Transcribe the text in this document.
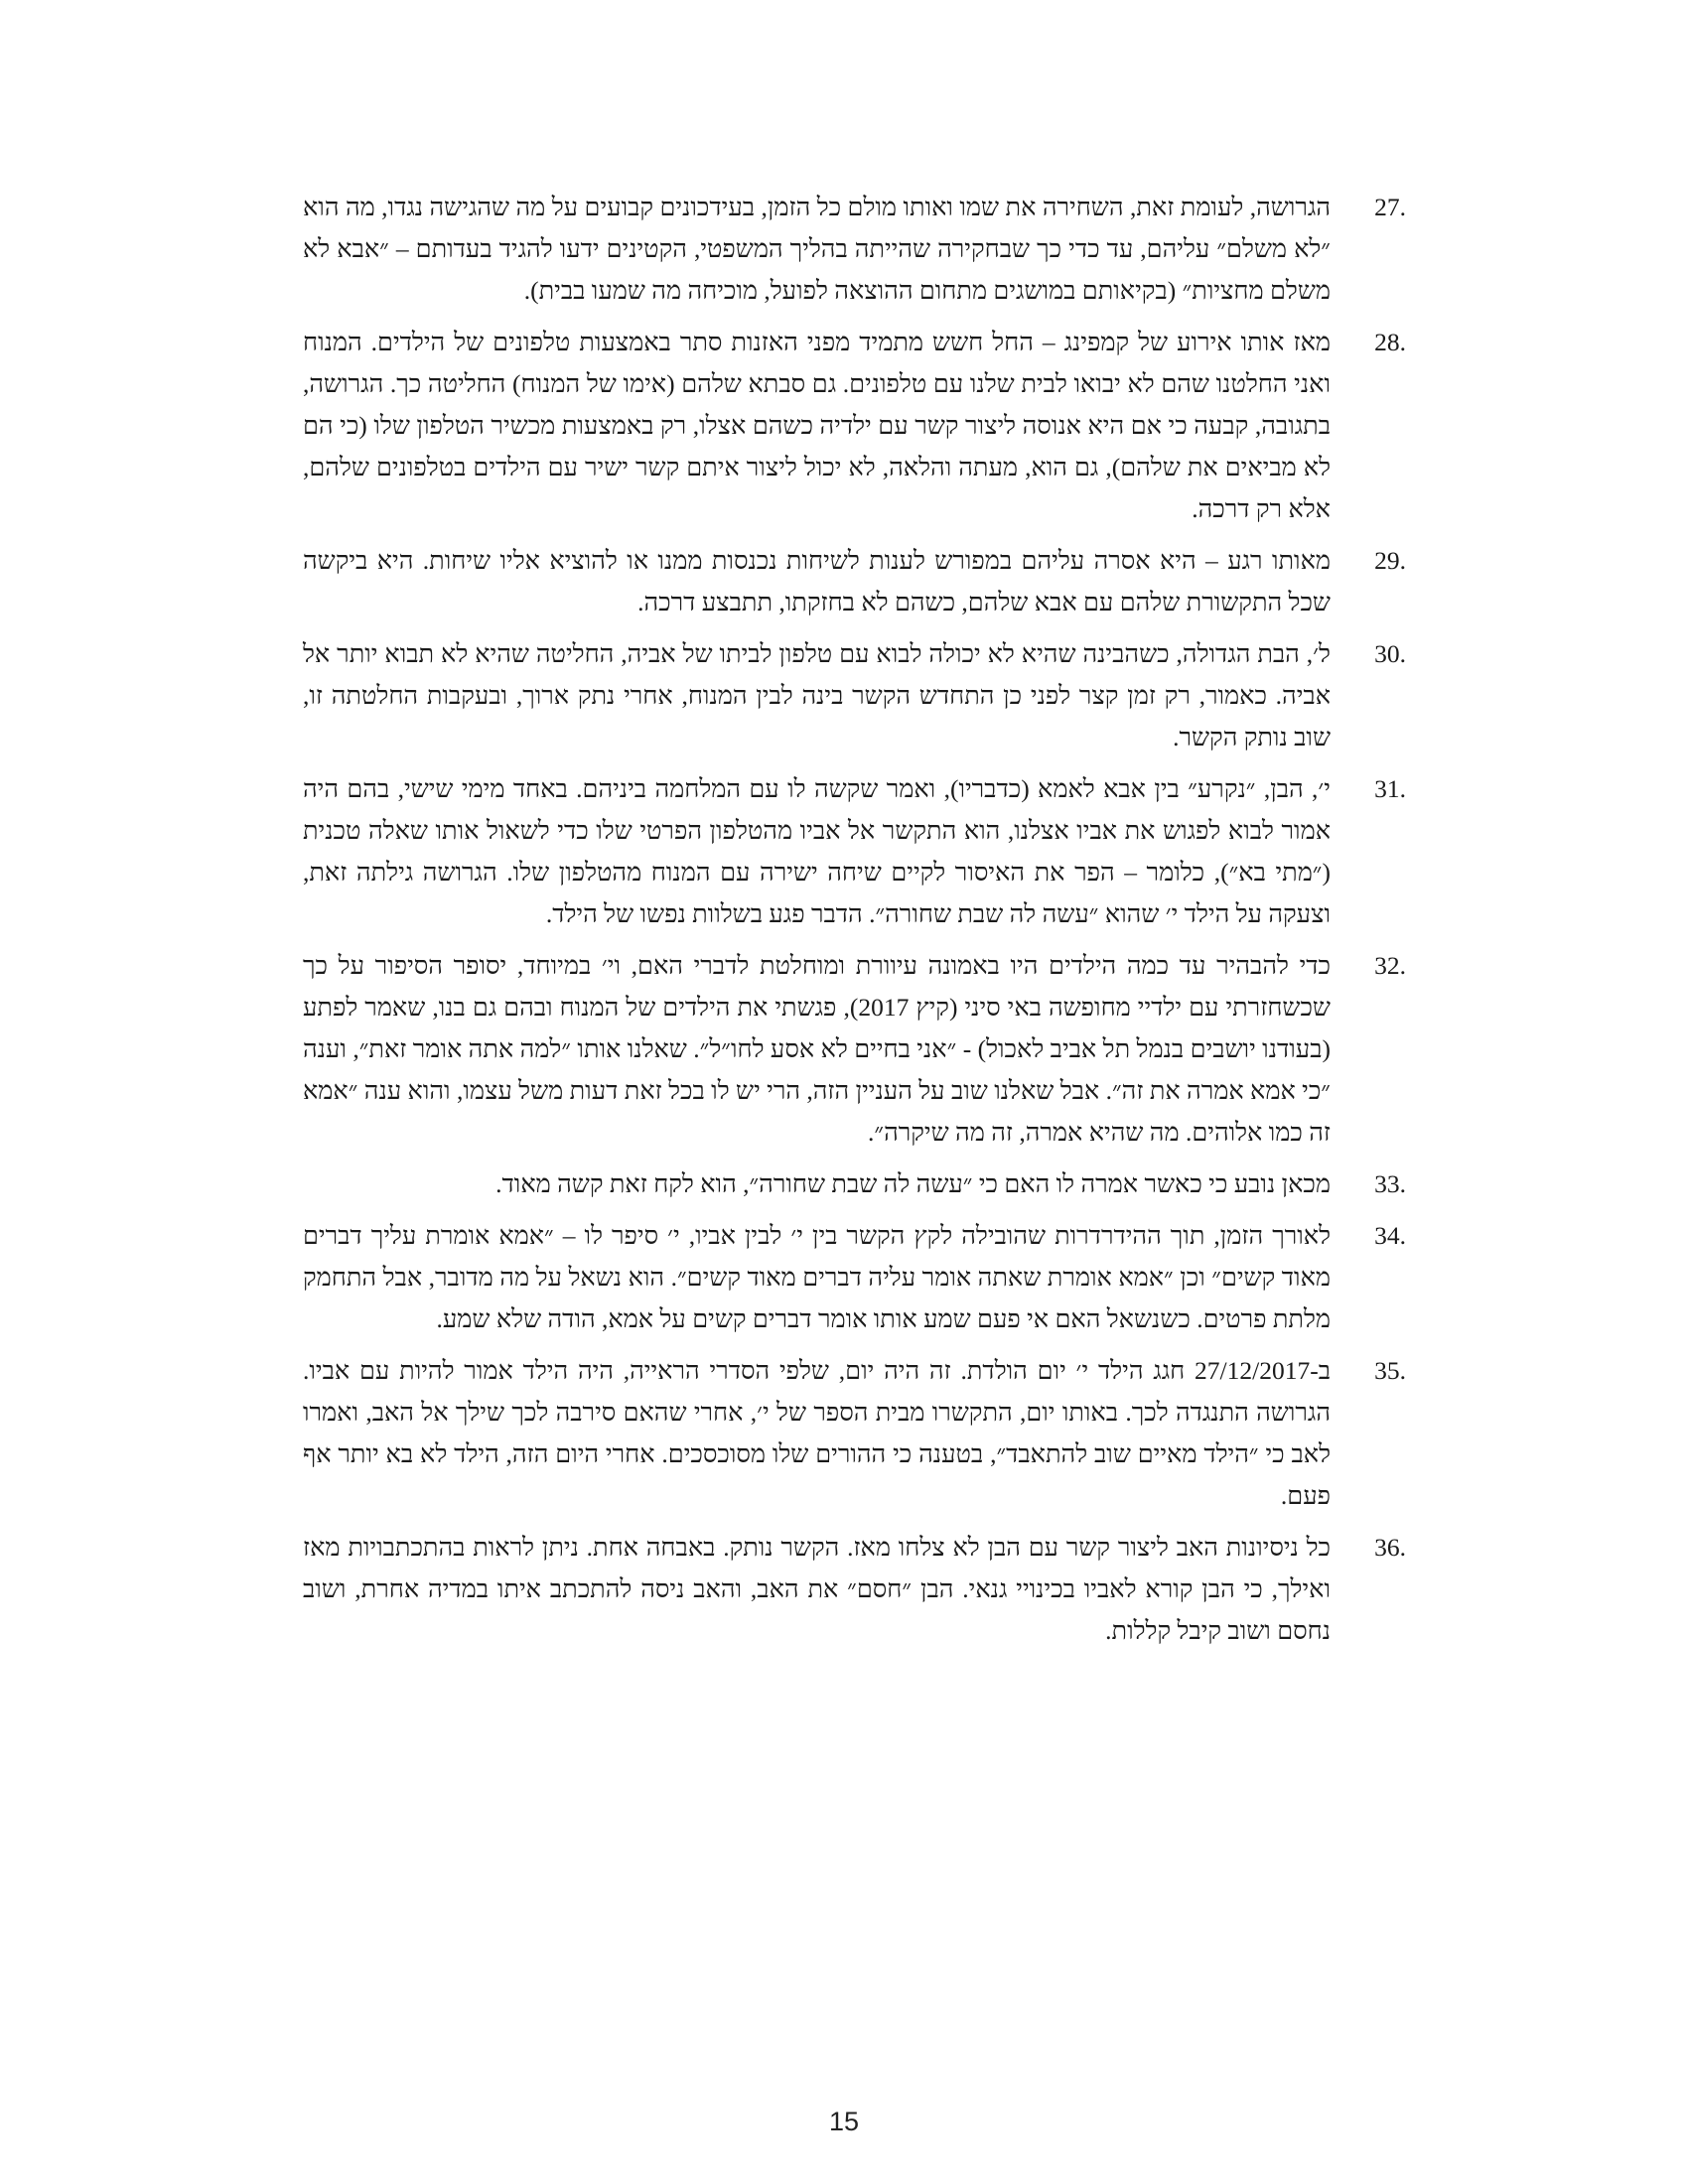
27.
הגרושה, לעומת זאת, השחירה את שמו ואותו מולם כל הזמן, בעידכונים קבועים על מה שהגישה נגדו, מה הוא ״לא משלם״ עליהם, עד כדי כך שבחקירה שהייתה בהליך המשפטי, הקטינים ידעו להגיד בעדותם – ״אבא לא משלם מחציות״ (בקיאותם במושגים מתחום ההוצאה לפועל, מוכיחה מה שמעו בבית).
28.
מאז אותו אירוע של קמפינג – החל חשש מתמיד מפני האזנות סתר באמצעות טלפונים של הילדים. המנוח ואני החלטנו שהם לא יבואו לבית שלנו עם טלפונים. גם סבתא שלהם (אימו של המנוח) החליטה כך. הגרושה, בתגובה, קבעה כי אם היא אנוסה ליצור קשר עם ילדיה כשהם אצלו, רק באמצעות מכשיר הטלפון שלו (כי הם לא מביאים את שלהם), גם הוא, מעתה והלאה, לא יכול ליצור איתם קשר ישיר עם הילדים בטלפונים שלהם, אלא רק דרכה.
29.
מאותו רגע – היא אסרה עליהם במפורש לענות לשיחות נכנסות ממנו או להוציא אליו שיחות. היא ביקשה שכל התקשורת שלהם עם אבא שלהם, כשהם לא בחזקתו, תתבצע דרכה.
30.
ל׳, הבת הגדולה, כשהבינה שהיא לא יכולה לבוא עם טלפון לביתו של אביה, החליטה שהיא לא תבוא יותר אל אביה. כאמור, רק זמן קצר לפני כן התחדש הקשר בינה לבין המנוח, אחרי נתק ארוך, ובעקבות החלטתה זו, שוב נותק הקשר.
31.
י׳, הבן, ״נקרע״ בין אבא לאמא (כדבריו), ואמר שקשה לו עם המלחמה ביניהם. באחד מימי שישי, בהם היה אמור לבוא לפגוש את אביו אצלנו, הוא התקשר אל אביו מהטלפון הפרטי שלו כדי לשאול אותו שאלה טכנית (״מתי בא״), כלומר – הפר את האיסור לקיים שיחה ישירה עם המנוח מהטלפון שלו. הגרושה גילתה זאת, וצעקה על הילד י׳ שהוא ״עשה לה שבת שחורה״. הדבר פגע בשלוות נפשו של הילד.
32.
כדי להבהיר עד כמה הילדים היו באמונה עיוורת ומוחלטת לדברי האם, וי׳ במיוחד, יסופר הסיפור על כך שכשחזרתי עם ילדיי מחופשה באי סיני (קיץ 2017), פגשתי את הילדים של המנוח ובהם גם בנו, שאמר לפתע (בעודנו יושבים בנמל תל אביב לאכול) - ״אני בחיים לא אסע לחו״ל״. שאלנו אותו ״למה אתה אומר זאת״, וענה ״כי אמא אמרה את זה״. אבל שאלנו שוב על העניין הזה, הרי יש לו בכל זאת דעות משל עצמו, והוא ענה ״אמא זה כמו אלוהים. מה שהיא אמרה, זה מה שיקרה״.
33.
מכאן נובע כי כאשר אמרה לו האם כי ״עשה לה שבת שחורה״, הוא לקח זאת קשה מאוד.
34.
לאורך הזמן, תוך ההידרדרות שהובילה לקץ הקשר בין י׳ לבין אביו, י׳ סיפר לו – ״אמא אומרת עליך דברים מאוד קשים״ וכן ״אמא אומרת שאתה אומר עליה דברים מאוד קשים״. הוא נשאל על מה מדובר, אבל התחמק מלתת פרטים. כשנשאל האם אי פעם שמע אותו אומר דברים קשים על אמא, הודה שלא שמע.
35.
ב-27/12/2017 חגג הילד י׳ יום הולדת. זה היה יום, שלפי הסדרי הראייה, היה הילד אמור להיות עם אביו. הגרושה התנגדה לכך. באותו יום, התקשרו מבית הספר של י׳, אחרי שהאם סירבה לכך שילך אל האב, ואמרו לאב כי ״הילד מאיים שוב להתאבד״, בטענה כי ההורים שלו מסוכסכים. אחרי היום הזה, הילד לא בא יותר אף פעם.
36.
כל ניסיונות האב ליצור קשר עם הבן לא צלחו מאז. הקשר נותק. באבחה אחת. ניתן לראות בהתכתבויות מאז ואילך, כי הבן קורא לאביו בכינויי גנאי. הבן ״חסם״ את האב, והאב ניסה להתכתב איתו במדיה אחרת, ושוב נחסם ושוב קיבל קללות.
15
